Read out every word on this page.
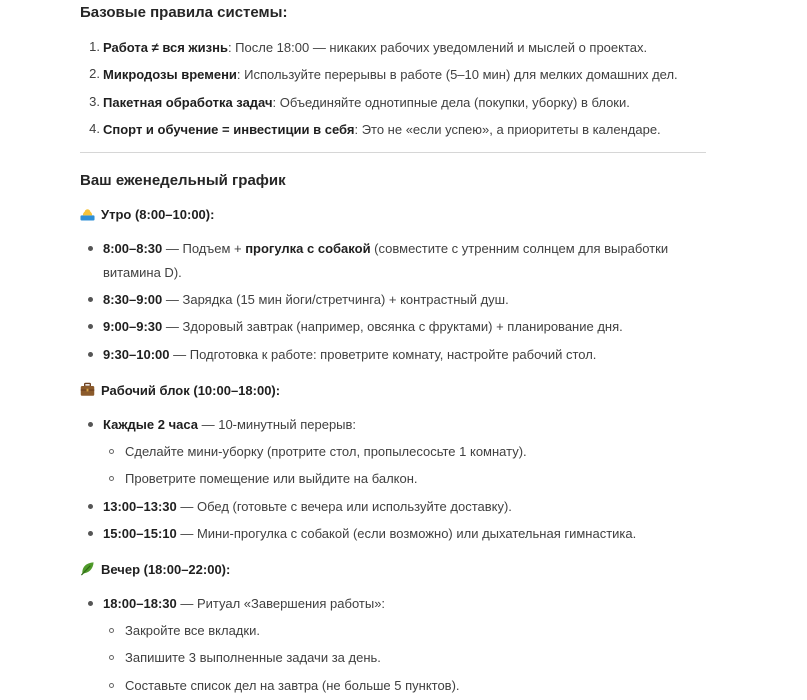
Базовые правила системы:
1. Работа ≠ вся жизнь: После 18:00 — никаких рабочих уведомлений и мыслей о проектах.
2. Микродозы времени: Используйте перерывы в работе (5–10 мин) для мелких домашних дел.
3. Пакетная обработка задач: Объединяйте однотипные дела (покупки, уборку) в блоки.
4. Спорт и обучение = инвестиции в себя: Это не «если успею», а приоритеты в календаре.
Ваш еженедельный график
Утро (8:00–10:00):
8:00–8:30 — Подъем + прогулка с собакой (совместите с утренним солнцем для выработки
витамина D).
8:30–9:00 — Зарядка (15 мин йоги/стретчинга) + контрастный душ.
9:00–9:30 — Здоровый завтрак (например, овсянка с фруктами) + планирование дня.
9:30–10:00 — Подготовка к работе: проветрите комнату, настройте рабочий стол.
Рабочий блок (10:00–18:00):
Каждые 2 часа — 10-минутный перерыв:
Сделайте мини-уборку (протрите стол, пропылесосьте 1 комнату).
Проветрите помещение или выйдите на балкон.
13:00–13:30 — Обед (готовьте с вечера или используйте доставку).
15:00–15:10 — Мини-прогулка с собакой (если возможно) или дыхательная гимнастика.
Вечер (18:00–22:00):
18:00–18:30 — Ритуал «Завершения работы»:
Закройте все вкладки.
Запишите 3 выполненные задачи за день.
Составьте список дел на завтра (не больше 5 пунктов).
